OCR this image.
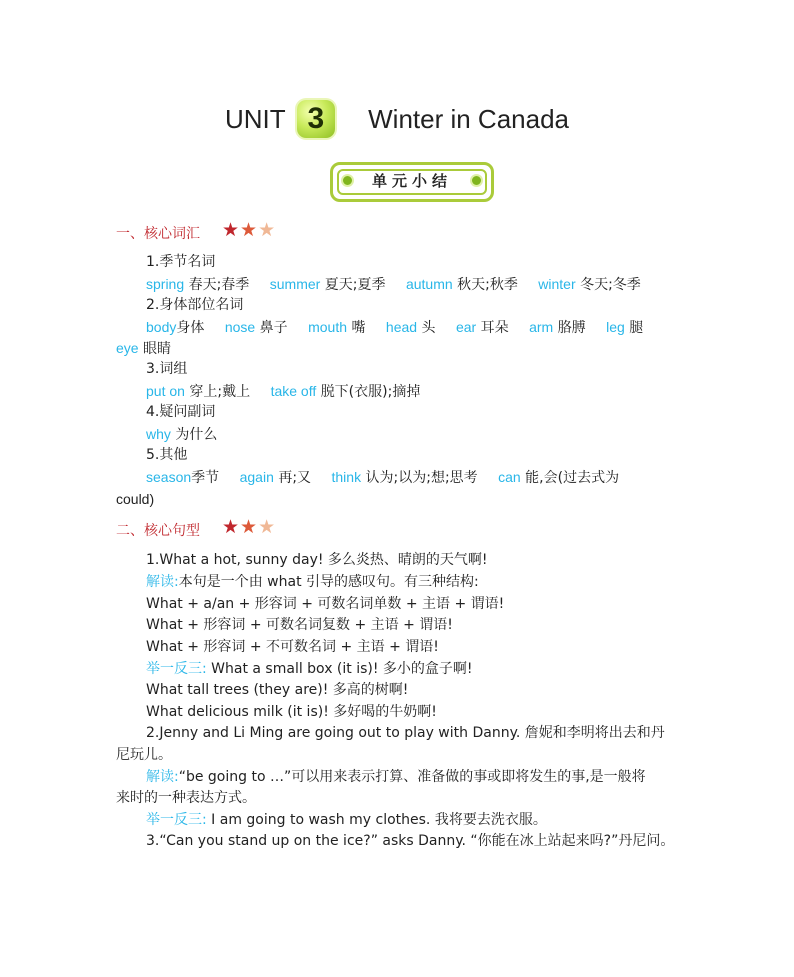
UNIT 3 Winter in Canada
单元小结
一、核心词汇 ★★★
1.季节名词
spring 春天;春季 summer 夏天;夏季 autumn 秋天;秋季 winter 冬天;冬季
2.身体部位名词
body身体 nose 鼻子 mouth 嘴 head 头 ear 耳朵 arm 胳膊 leg 腿
eye 眼睛
3.词组
put on 穿上;戴上 take off 脱下(衣服);摘掉
4.疑问副词
why 为什么
5.其他
season季节 again 再;又 think 认为;以为;想;思考 can 能,会(过去式为
could)
二、核心句型 ★★★
1.What a hot, sunny day! 多么炎热、晴朗的天气啊!
解读:本句是一个由 what 引导的感叹句。有三种结构:
What + a/an + 形容词 + 可数名词单数 + 主语 + 谓语!
What + 形容词 + 可数名词复数 + 主语 + 谓语!
What + 形容词 + 不可数名词 + 主语 + 谓语!
举一反三: What a small box (it is)! 多小的盒子啊!
What tall trees (they are)! 多高的树啊!
What delicious milk (it is)! 多好喝的牛奶啊!
2.Jenny and Li Ming are going out to play with Danny. 詹妮和李明将出去和丹
尼玩儿。
解读:“be going to …”可以用来表示打算、准备做的事或即将发生的事,是一般将
来时的一种表达方式。
举一反三: I am going to wash my clothes. 我将要去洗衣服。
3.“Can you stand up on the ice?” asks Danny. “你能在冰上站起来吗?”丹尼问。
